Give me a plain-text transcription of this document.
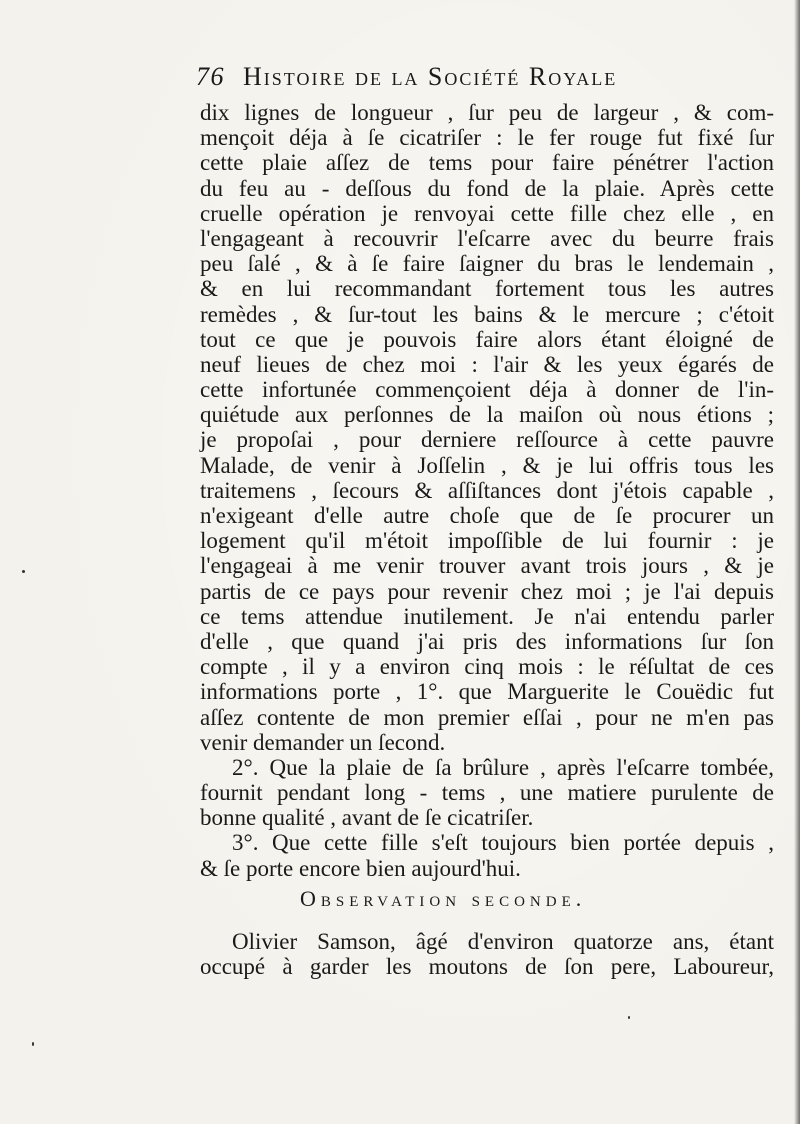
76 Histoire de la Société Royale
dix lignes de longueur , ſur peu de largeur , & com-
mençoit déja à ſe cicatriſer : le fer rouge fut fixé ſur
cette plaie aſſez de tems pour faire pénétrer l'action
du feu au - deſſous du fond de la plaie. Après cette
cruelle opération je renvoyai cette fille chez elle , en
l'engageant à recouvrir l'eſcarre avec du beurre frais
peu ſalé , & à ſe faire ſaigner du bras le lendemain ,
& en lui recommandant fortement tous les autres
remèdes , & ſur-tout les bains & le mercure ; c'étoit
tout ce que je pouvois faire alors étant éloigné de
neuf lieues de chez moi : l'air & les yeux égarés de
cette infortunée commençoient déja à donner de l'in-
quiétude aux perſonnes de la maiſon où nous étions ;
je propoſai , pour derniere reſſource à cette pauvre
Malade, de venir à Joſſelin , & je lui offris tous les
traitemens , ſecours & aſſiſtances dont j'étois capable ,
n'exigeant d'elle autre choſe que de ſe procurer un
logement qu'il m'étoit impoſſible de lui fournir : je
l'engageai à me venir trouver avant trois jours , & je
partis de ce pays pour revenir chez moi ; je l'ai depuis
ce tems attendue inutilement. Je n'ai entendu parler
d'elle , que quand j'ai pris des informations ſur ſon
compte , il y a environ cinq mois : le réſultat de ces
informations porte , 1°. que Marguerite le Couëdic fut
aſſez contente de mon premier eſſai , pour ne m'en pas
venir demander un ſecond.
2°. Que la plaie de ſa brûlure , après l'eſcarre tombée,
fournit pendant long - tems , une matiere purulente de
bonne qualité , avant de ſe cicatriſer.
3°. Que cette fille s'eſt toujours bien portée depuis ,
& ſe porte encore bien aujourd'hui.
Observation seconde.
Olivier Samson, âgé d'environ quatorze ans, étant
occupé à garder les moutons de ſon pere, Laboureur,
